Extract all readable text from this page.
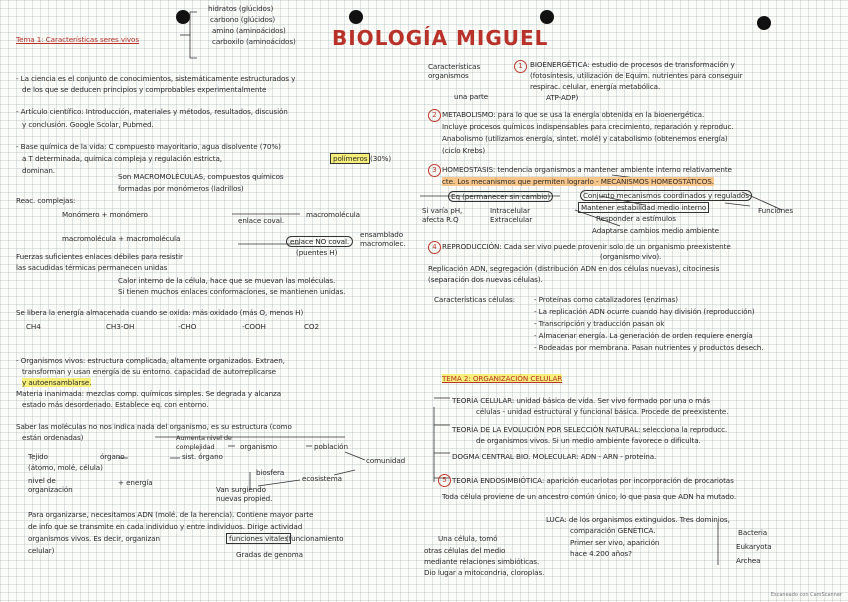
BIOLOGÍA MIGUEL
hidratos (glúcidos)
carbono (glúcidos)
amino (aminoácidos)
carboxilo (aminoácidos)
Tema 1: Características seres vivos
- La ciencia es el conjunto de conocimientos, sistemáticamente estructurados y
de los que se deducen principios y comprobables experimentalmente
- Artículo científico: Introducción, materiales y métodos, resultados, discusión
y conclusión. Google Scolar, Pubmed.
- Base química de la vida: C compuesto mayoritario, agua disolvente (70%)
a T determinada, química compleja y regulación estricta,	polímeros (30%)
dominan.
Son MACROMOLÉCULAS, compuestos químicos
formadas por monómeros (ladrillos)
Reac. complejas:
Monómero + monómero
enlace coval.
macromolécula
macromolécula + macromolécula	enlace NO coval.
ensamblado macromolec.
(puentes H)
Fuerzas suficientes enlaces débiles para resistir
las sacudidas térmicas permanecen unidas
Calor interno de la célula, hace que se muevan las moléculas.
Si tienen muchos enlaces conformaciones, se mantienen unidas.
Se libera la energía almacenada cuando se oxida: más oxidado (más O, menos H)
CH4	CH3-OH	-CHO	-COOH	CO2
- Organismos vivos: estructura complicada, altamente organizados. Extraen,
transforman y usan energía de su entorno. capacidad de autorreplicarse
y autoensamblarse.
Materia inanimada: mezclas comp. químicos simples. Se degrada y alcanza
estado más desordenado. Establece eq. con entorno.
Saber las moléculas no nos indica nada del organismo, es su estructura (como
están ordenadas)	Aumenta nivel de complejidad
Tejido	órgano	sist. órgano
organismo	población
comunidad
ecosistema
biosfera
(átomo, molé, célula)
nivel de organización
+ energía
Van surgiendo nuevas propied.
Para organizarse, necesitamos ADN (molé. de la herencia). Contiene mayor parte
de info que se transmite en cada individuo y entre individuos. Dirige actividad
organismos vivos. Es decir, organizan	funciones vitales
(funcionamiento
celular)	Gradas de genoma
Características organismos
una parte
1	BIOENERGÉTICA: estudio de procesos de transformación y
(fotosíntesis, utilización de Equim. nutrientes para conseguir
respirac. celular, energía metabólica.
ATP-ADP)
2 METABOLISMO: para lo que se usa la energía obtenida en la bioenergética.
Incluye procesos químicos indispensables para crecimiento, reparación y reproduc.
Anabolismo (utilizamos energía, sintet. molé) y catabolismo (obtenemos energía)
(ciclo Krebs)
3 HOMEOSTASIS: tendencia organismos a mantener ambiente interno relativamente
cte. Los mecanismos que permiten lograrlo - MECANISMOS HOMEOSTÁTICOS.
Eq (permanecer sin cambio)	Conjunto mecanismos coordinados y regulados
Si varía pH, afecta R.Q
Intracelular Extracelular
Mantener estabilidad medio interno	Funciones
Responder a estímulos
Adaptarse cambios medio ambiente
4 REPRODUCCIÓN: Cada ser vivo puede provenir solo de un organismo preexistente
(organismo vivo).
Replicación ADN, segregación (distribución ADN en dos células nuevas), citocinesis
(separación dos nuevas células).
Características células:	- Proteínas como catalizadores (enzimas)
- La replicación ADN ocurre cuando hay división (reproducción)
- Transcripción y traducción pasan ok
- Almacenar energía. La generación de orden requiere energía
- Rodeadas por membrana. Pasan nutrientes y productos desech.
TEMA 2: ORGANIZACIÓN CELULAR
TEORÍA CELULAR: unidad básica de vida. Ser vivo formado por una o más
células - unidad estructural y funcional básica. Procede de preexistente.
TEORÍA DE LA EVOLUCIÓN POR SELECCIÓN NATURAL: selecciona la reproducc.
de organismos vivos. Si un medio ambiente favorece o dificulta.
DOGMA CENTRAL BIO. MOLECULAR: ADN - ARN - proteína.
5 TEORÍA ENDOSIMBIÓTICA: aparición eucariotas por incorporación de procariotas
Toda célula proviene de un ancestro común único, lo que pasa que ADN ha mutado.
LUCA: de los organismos extinguidos. Tres dominios,
comparación GENÉTICA.
Primer ser vivo, aparición
hace 4.200 años?
Bacteria
Eukaryota
Archea
Una célula, tomó
otras células del medio
mediante relaciones simbióticas.
Dio lugar a mitocondria, cloroplas.
Escaneado con CamScanner
